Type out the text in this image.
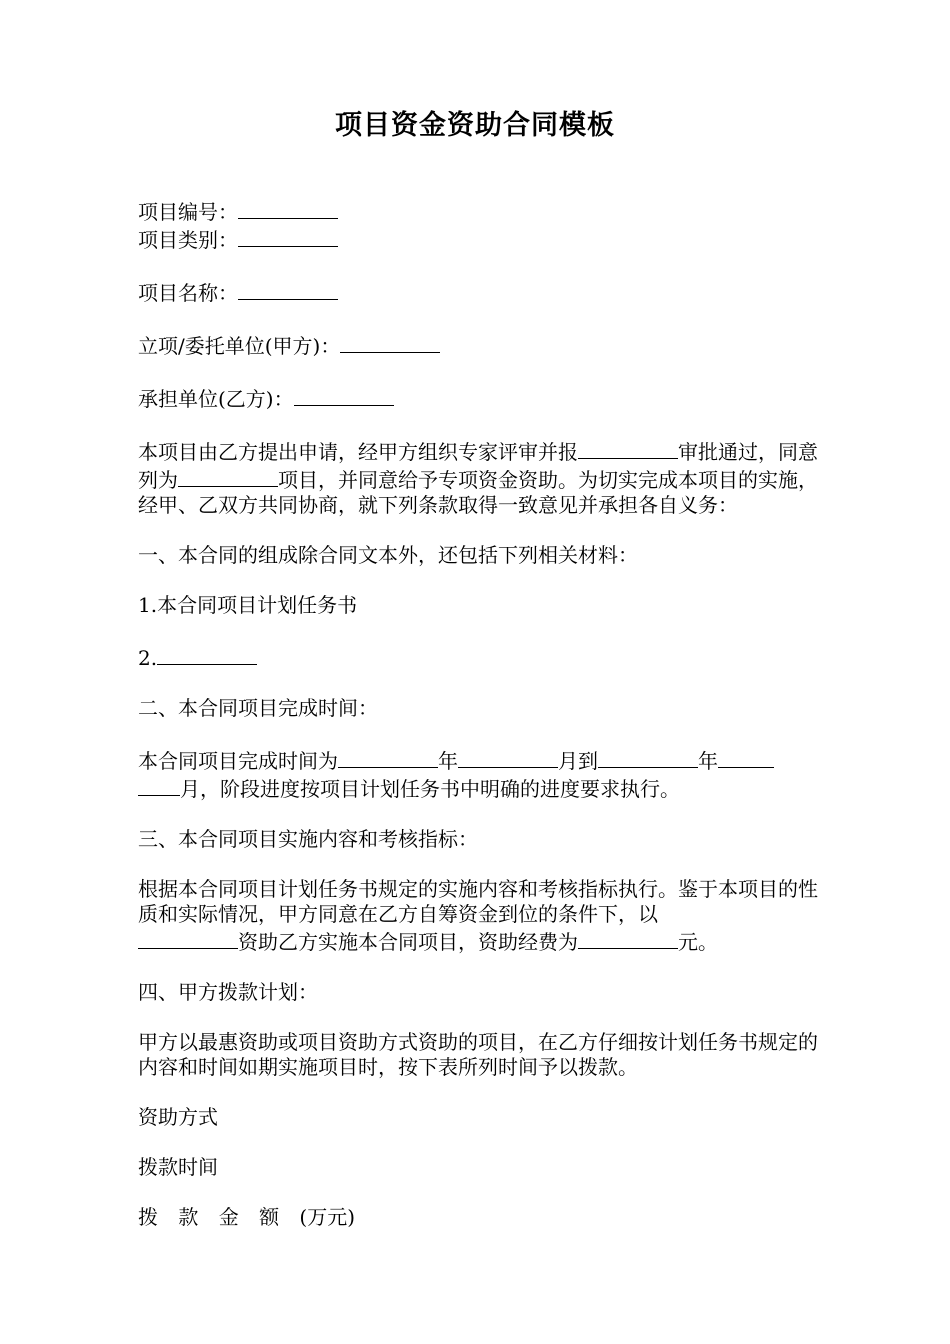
项目资金资助合同模板

项目编号：

项目类别：

项目名称：

立项/委托单位(甲方)：

承担单位(乙方)：

本项目由乙方提出申请，经甲方组织专家评审并报	审批通过，同意列为	项目，并同意给予专项资金资助。为切实完成本项目的实施，经甲、乙双方共同协商，就下列条款取得一致意见并承担各自义务：

一、本合同的组成除合同文本外，还包括下列相关材料：

1.本合同项目计划任务书

2.

二、本合同项目完成时间：

本合同项目完成时间为	年	月到	年
月，阶段进度按项目计划任务书中明确的进度要求执行。

三、本合同项目实施内容和考核指标：

根据本合同项目计划任务书规定的实施内容和考核指标执行。鉴于本项目的性质和实际情况，甲方同意在乙方自筹资金到位的条件下，以
资助乙方实施本合同项目，资助经费为	元。

四、甲方拨款计划：

甲方以最惠资助或项目资助方式资助的项目，在乙方仔细按计划任务书规定的内容和时间如期实施项目时，按下表所列时间予以拨款。

资助方式

拨款时间

拨 款 金 额 (万元)
